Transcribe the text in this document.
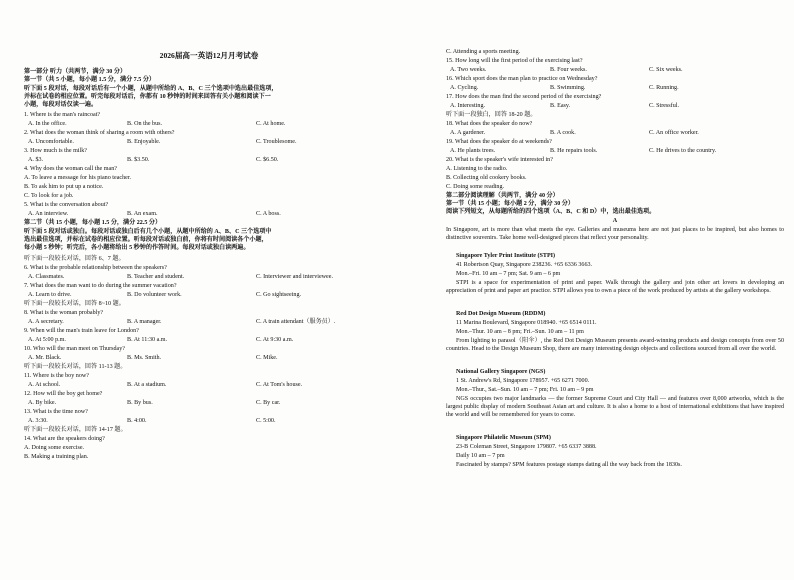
2026届高一英语12月月考试卷
第一部分 听力（共两节，满分 30 分）
第一节（共 5 小题，每小题 1.5 分，满分 7.5 分）
听下面 5 段对话，每段对话后有一个小题，从题中所给的 A、B、C 三个选项中选出最佳选项，
并标在试卷的相应位置。听完每段对话后，你都有 10 秒钟的时间来回答有关小题和阅读下一
小题，每段对话仅读一遍。
1. Where is the man's raincoat?
A. In the office.	B. On the bus.	C. At home.
2. What does the woman think of sharing a room with others?
A. Uncomfortable.	B. Enjoyable.	C. Troublesome.
3. How much is the milk?
A. $3.	B. $3.50.	C. $6.50.
4. Why does the woman call the man?
A. To leave a message for his piano teacher.
B. To ask him to put up a notice.
C. To look for a job.
5. What is the conversation about?
A. An interview.	B. An exam.	C. A boss.
第二节（共 15 小题，每小题 1.5 分，满分 22.5 分）
听下面 5 段对话或独白。每段对话或独白后有几个小题，从题中所给的 A、B、C 三个选项中
选出最佳选项，并标在试卷的相应位置。听每段对话或独白前，你将有时间阅读各个小题，
每小题 5 秒钟；听完后，各小题将给出 5 秒钟的作答时间。每段对话或独白读两遍。
听下面一段较长对话，回答 6、7 题。
6. What is the probable relationship between the speakers?
A. Classmates.	B. Teacher and student.	C. Interviewer and interviewee.
7. What does the man want to do during the summer vacation?
A. Learn to drive.	B. Do volunteer work.	C. Go sightseeing.
听下面一段较长对话，回答 8~10 题。
8. What is the woman probably?
A. A secretary.	B. A manager.	C. A train attendant（服务员）.
9. When will the man's train leave for London?
A. At 5:00 p.m.	B. At 11:30 a.m.	C. At 9:30 a.m.
10. Who will the man meet on Thursday?
A. Mr. Black.	B. Ms. Smith.	C. Mike.
听下面一段较长对话，回答 11-13 题。
11. Where is the boy now?
A. At school.	B. At a stadium.	C. At Tom's house.
12. How will the boy get home?
A. By bike.	B. By bus.	C. By car.
13. What is the time now?
A. 3:30.	B. 4:00.	C. 5:00.
听下面一段较长对话，回答 14-17 题。
14. What are the speakers doing?
A. Doing some exercise.
B. Making a training plan.
C. Attending a sports meeting.
15. How long will the first period of the exercising last?
A. Two weeks.	B. Four weeks.	C. Six weeks.
16. Which sport does the man plan to practice on Wednesday?
A. Cycling.	B. Swimming.	C. Running.
17. How does the man find the second period of the exercising?
A. Interesting.	B. Easy.	C. Stressful.
听下面一段独白，回答 18-20 题。
18. What does the speaker do now?
A. A gardener.	B. A cook.	C. An office worker.
19. What does the speaker do at weekends?
A. He plants trees.	B. He repairs tools.	C. He drives to the country.
20. What is the speaker's wife interested in?
A. Listening to the radio.
B. Collecting old cookery books.
C. Doing some reading.
第二部分阅读理解（共两节，满分 40 分）
第一节（共 15 小题；每小题 2 分，满分 30 分）
阅读下列短文，从每题所给的四个选项（A、B、C 和 D）中，选出最佳选项。
A
In Singapore, art is more than what meets the eye. Galleries and museums here are not just places to be inspired, but also homes to distinctive souvenirs. Take home well-designed pieces that reflect your personality.
Singapore Tyler Print Institute (STPI)
41 Robertson Quay, Singapore 238236. +65 6336 3663.
Mon.–Fri. 10 am – 7 pm; Sat. 9 am – 6 pm
STPI is a space for experimentation of print and paper. Walk through the gallery and join other art lovers in developing an appreciation of print and paper art practice. STPI allows you to own a piece of the work produced by artists at the gallery workshops.
Red Dot Design Museum (RDDM)
11 Marina Boulevard, Singapore 018940. +65 6514 0111.
Mon.–Thur. 10 am – 8 pm; Fri.–Sun. 10 am – 11 pm
From lighting to parasol（阳伞）, the Red Dot Design Museum presents award-winning products and design concepts from over 50 countries. Head to the Design Museum Shop, there are many interesting design objects and collections sourced from all over the world.
National Gallery Singapore (NGS)
1 St. Andrew's Rd, Singapore 178957. +65 6271 7000.
Mon.–Thur., Sat.–Sun. 10 am – 7 pm; Fri. 10 am – 9 pm
NGS occupies two major landmarks — the former Supreme Court and City Hall — and features over 8,000 artworks, which is the largest public display of modern Southeast Asian art and culture. It is also a home to a host of international exhibitions that have inspired the world and will be remembered for years to come.
Singapore Philatelic Museum (SPM)
23-B Coleman Street, Singapore 179807. +65 6337 3888.
Daily 10 am – 7 pm
Fascinated by stamps? SPM features postage stamps dating all the way back from the 1830s.
